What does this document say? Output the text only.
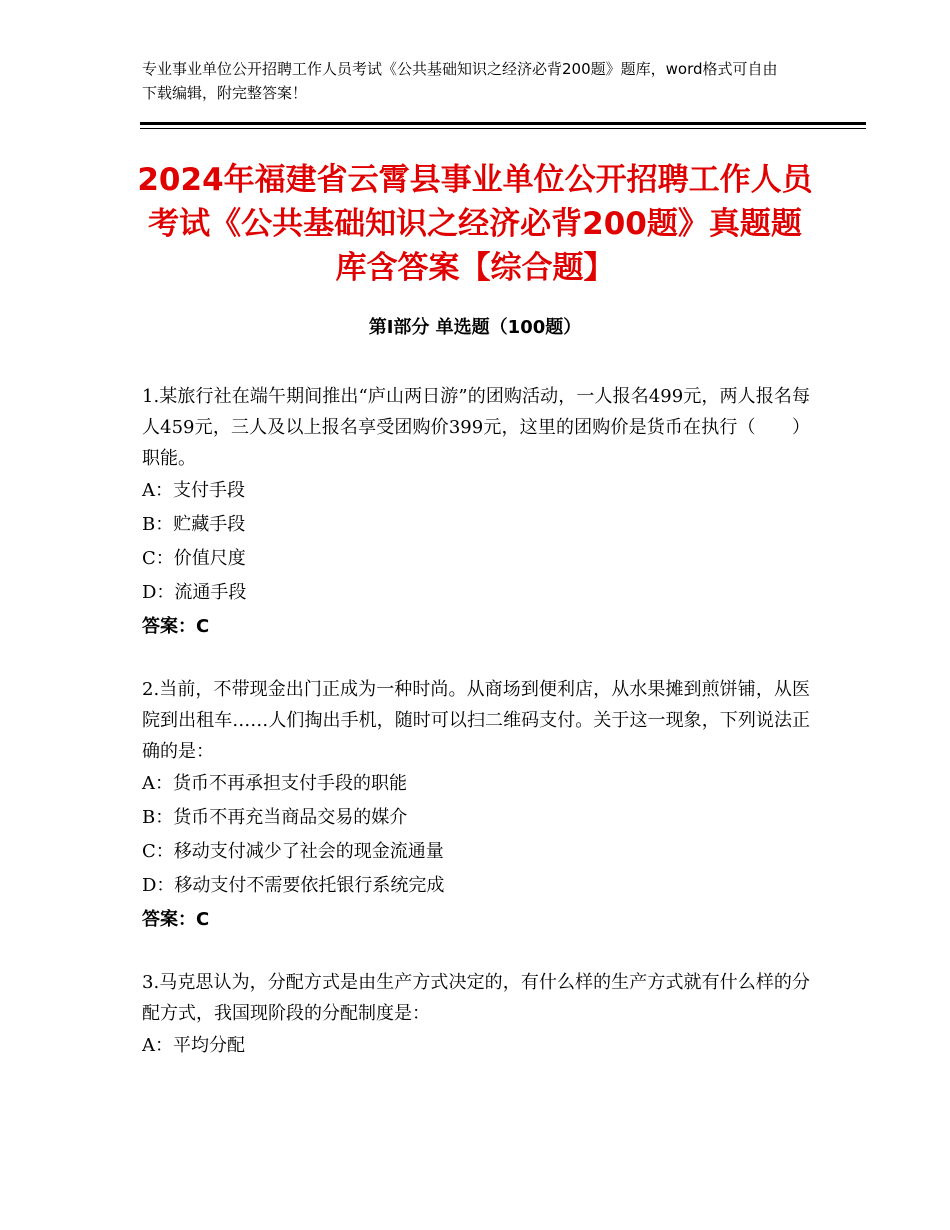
专业事业单位公开招聘工作人员考试《公共基础知识之经济必背200题》题库，word格式可自由下载编辑，附完整答案！
2024年福建省云霄县事业单位公开招聘工作人员考试《公共基础知识之经济必背200题》真题题库含答案【综合题】
第Ⅰ部分 单选题（100题）

1.某旅行社在端午期间推出“庐山两日游”的团购活动，一人报名499元，两人报名每人459元，三人及以上报名享受团购价399元，这里的团购价是货币在执行（　　）职能。

A：支付手段

B：贮藏手段

C：价值尺度

D：流通手段

答案：C

2.当前，不带现金出门正成为一种时尚。从商场到便利店，从水果摊到煎饼铺，从医院到出租车……人们掏出手机，随时可以扫二维码支付。关于这一现象，下列说法正确的是：

A：货币不再承担支付手段的职能

B：货币不再充当商品交易的媒介

C：移动支付减少了社会的现金流通量

D：移动支付不需要依托银行系统完成

答案：C

3.马克思认为，分配方式是由生产方式决定的，有什么样的生产方式就有什么样的分配方式，我国现阶段的分配制度是：

A：平均分配
